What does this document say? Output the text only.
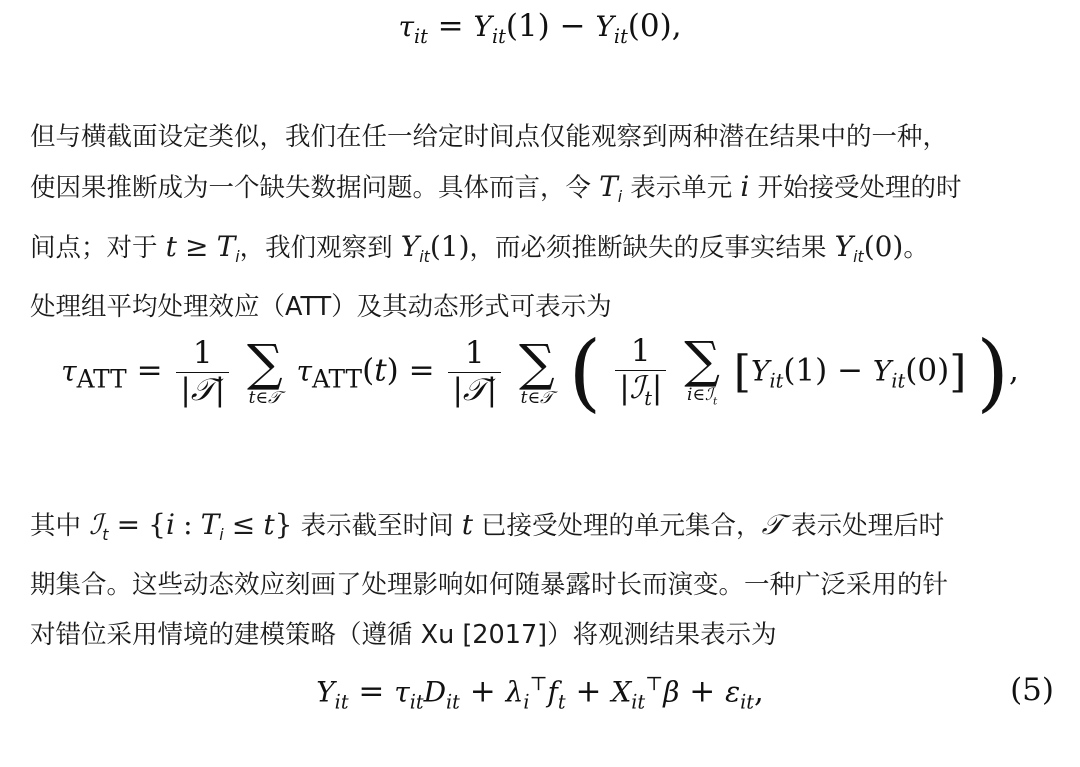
$\tau_{it} = Y_{it}(1) - Y_{it}(0)$,
但与横截面设定类似，我们在任一给定时间点仅能观察到两种潜在结果中的一种，
使因果推断成为一个缺失数据问题。具体而言，令 $T_i$ 表示单元 i 开始接受处理的时
间点；对于 $t \ge T_i$，我们观察到 $Y_{it}(1)$，而必须推断缺失的反事实结果 $Y_{it}(0)$。
处理组平均处理效应（ATT）及其动态形式可表示为
$\tau_{ATT} = \frac{1}{\text{|𝒯|}}$
∑
t∈𝒯
$\tau_{ATT}(t) = \frac{1}{\text{|𝒯|}}$
∑
t∈𝒯 ( $\frac{1}{|ℐ_t|}$
∑
i∈ℐ$_t$
$[Y_{it}(1) - Y_{it}(0)]$ ),
其中 ℐ$_t$ = {i : $T_i \le t$} 表示截至时间 t 已接受处理的单元集合，𝒯 表示处理后时
期集合。这些动态效应刻画了处理影响如何随暴露时长而演变。一种广泛采用的针
对错位采用情境的建模策略（遵循 Xu [2017]）将观测结果表示为
$Y_{it} = \tau_{it}D_{it} + \lambda_i^⊤f_t + X_{it}^⊤\beta + \varepsilon_{it}$,	(5)
